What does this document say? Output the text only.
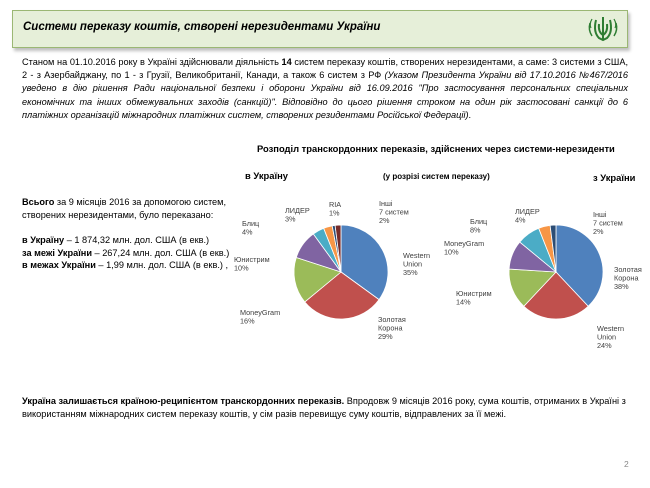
Системи переказу коштів, створені нерезидентами України
Станом на 01.10.2016 року в Україні здійснювали діяльність 14 систем переказу коштів, створених нерезидентами, а саме: 3 системи з США, 2 - з Азербайджану, по 1 - з Грузії, Великобританії, Канади, а також 6 систем з РФ (Указом Президента України від 17.10.2016 №467/2016 уведено в дію рішення Ради національної безпеки і оборони України від 16.09.2016 "Про застосування персональних спеціальних економічних та інших обмежувальних заходів (санкцій)". Відповідно до цього рішення строком на один рік застосовані санкції до 6 платіжних організацій міжнародних платіжних систем, створених резидентами Російської Федерації).
Розподіл транскордонних переказів, здійснених через системи-нерезиденти
в Україну	(у розрізі систем переказу)	з України
Всього за 9 місяців 2016 за допомогою систем, створених нерезидентами, було переказано:
в Україну – 1 874,32 млн. дол. США (в екв.)
за межі України – 267,24 млн. дол. США (в екв.)
в межах України – 1,99 млн. дол. США (в екв.) ,
Western Union 35%
Золотая Корона 29%
MoneyGram 16%
Юнистрим 10%
Блиц 4%
ЛИДЕР 3%
RIA 1%
Інші 7 систем 2%
Золотая Корона 38%
Western Union 24%
Юнистрим 14%
MoneyGram 10%
Блиц 8%
ЛИДЕР 4%
Інші 7 систем 2%
Україна залишається країною-реципієнтом транскордонних переказів. Впродовж 9 місяців 2016 року, сума коштів, отриманих в Україні з використанням міжнародних систем переказу коштів, у сім разів перевищує суму коштів, відправлених за її межі.
2
